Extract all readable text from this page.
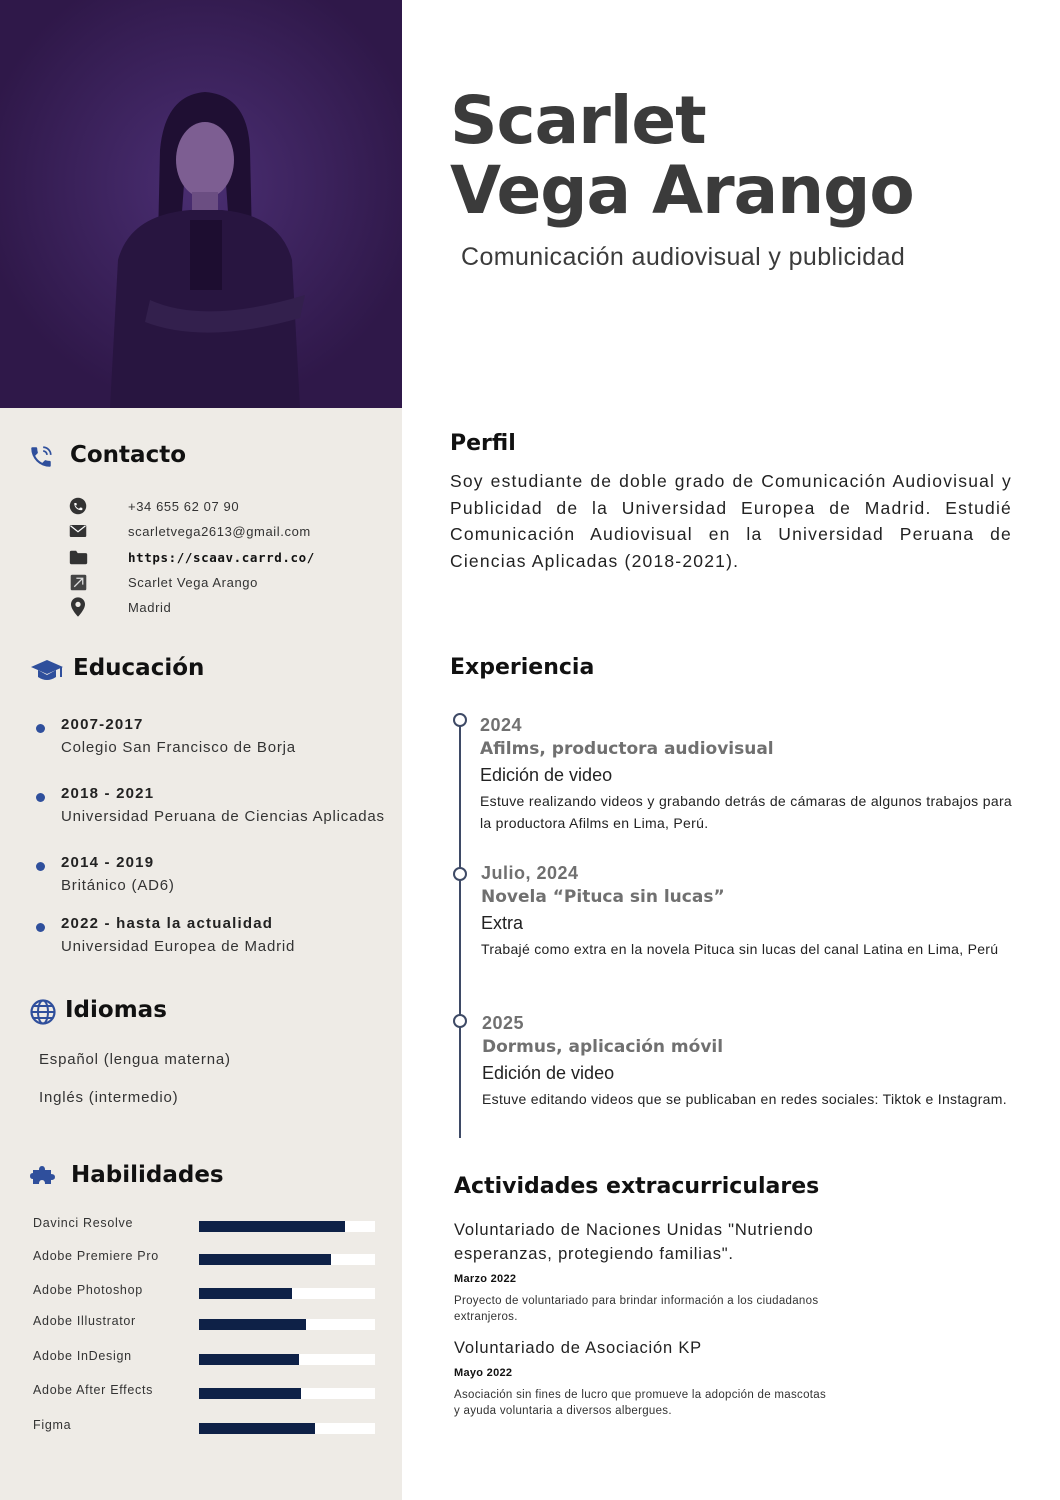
Contacto
+34 655 62 07 90
scarletvega2613@gmail.com
https://scaav.carrd.co/
Scarlet Vega Arango
Madrid
Educación
2007-2017
Colegio San Francisco de Borja
2018 - 2021
Universidad Peruana de Ciencias Aplicadas
2014 - 2019
Británico (AD6)
2022 - hasta la actualidad
Universidad Europea de Madrid
Idiomas
Español (lengua materna)
Inglés (intermedio)
Habilidades
Davinci Resolve
Adobe Premiere Pro
Adobe Photoshop
Adobe Illustrator
Adobe InDesign
Adobe After Effects
Figma
Scarlet
Vega Arango
Comunicación audiovisual y publicidad
Perfil
Soy estudiante de doble grado de Comunicación Audiovisual y Publicidad de la Universidad Europea de Madrid. Estudié Comunicación Audiovisual en la Universidad Peruana de Ciencias Aplicadas (2018-2021).
Experiencia
2024
Afilms, productora audiovisual
Edición de video
Estuve realizando videos y grabando detrás de cámaras de algunos trabajos para la productora Afilms en Lima, Perú.
Julio, 2024
Novela “Pituca sin lucas”
Extra
Trabajé como extra en la novela Pituca sin lucas del canal Latina en Lima, Perú
2025
Dormus, aplicación móvil
Edición de video
Estuve editando videos que se publicaban en redes sociales: Tiktok e Instagram.
Actividades extracurriculares
Voluntariado de Naciones Unidas "Nutriendo esperanzas, protegiendo familias".
Marzo 2022
Proyecto de voluntariado para brindar información a los ciudadanos extranjeros.
Voluntariado de Asociación KP
Mayo 2022
Asociación sin fines de lucro que promueve la adopción de mascotas y ayuda voluntaria a diversos albergues.
